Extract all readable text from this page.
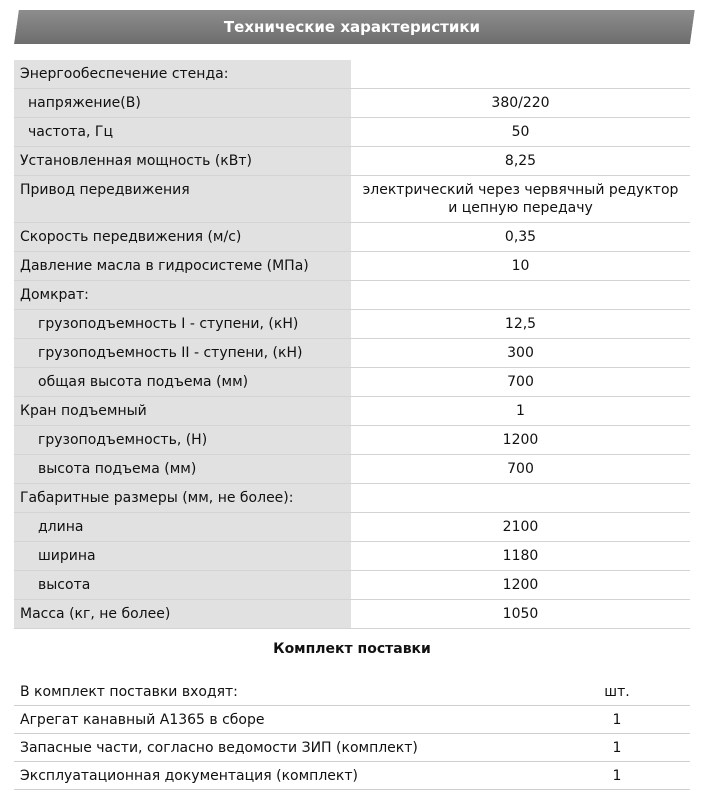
Технические характеристики
Энергообеспечение стенда:
напряжение(В)	380/220
частота, Гц	50
Установленная мощность (кВт)	8,25
Привод передвижения	электрический через червячный редуктор и цепную передачу
Скорость передвижения (м/с)	0,35
Давление масла в гидросистеме (МПа)	10
Домкрат:
грузоподъемность I - ступени, (кН)	12,5
грузоподъемность II - ступени, (кН)	300
общая высота подъема (мм)	700
Кран подъемный	1
грузоподъемность, (Н)	1200
высота подъема (мм)	700
Габаритные размеры (мм, не более):
длина	2100
ширина	1180
высота	1200
Масса (кг, не более)	1050
Комплект поставки
В комплект поставки входят:	шт.
Агрегат канавный А1365 в сборе	1
Запасные части, согласно ведомости ЗИП (комплект)	1
Эксплуатационная документация (комплект)	1
